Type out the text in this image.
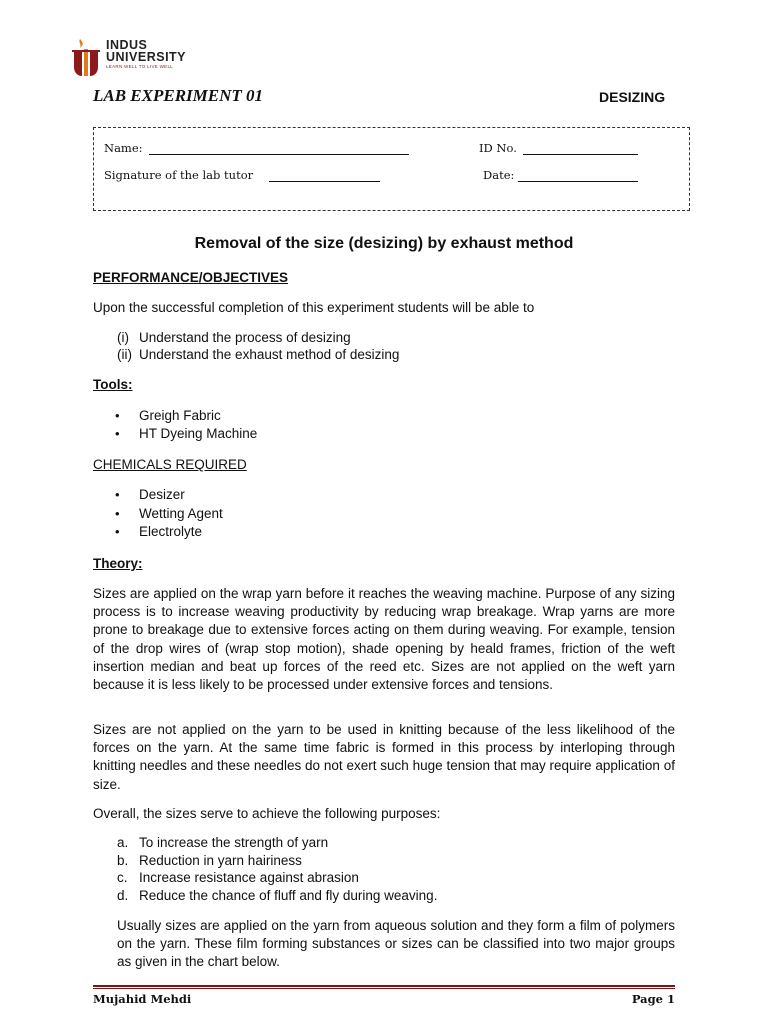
INDUS
UNIVERSITY
LEARN WELL TO LIVE WELL
LAB EXPERIMENT 01	DESIZING
Name:	ID No.
Signature of the lab tutor	Date:
Removal of the size (desizing) by exhaust method
PERFORMANCE/OBJECTIVES
Upon the successful completion of this experiment students will be able to
(i) Understand the process of desizing
(ii) Understand the exhaust method of desizing
Tools:
• Greigh Fabric
• HT Dyeing Machine
CHEMICALS REQUIRED
• Desizer
• Wetting Agent
• Electrolyte
Theory:
Sizes are applied on the wrap yarn before it reaches the weaving machine. Purpose of any sizing process is to increase weaving productivity by reducing wrap breakage. Wrap yarns are more prone to breakage due to extensive forces acting on them during weaving. For example, tension of the drop wires of (wrap stop motion), shade opening by heald frames, friction of the weft insertion median and beat up forces of the reed etc. Sizes are not applied on the weft yarn because it is less likely to be processed under extensive forces and tensions.
Sizes are not applied on the yarn to be used in knitting because of the less likelihood of the forces on the yarn. At the same time fabric is formed in this process by interloping through knitting needles and these needles do not exert such huge tension that may require application of size.
Overall, the sizes serve to achieve the following purposes:
a. To increase the strength of yarn
b. Reduction in yarn hairiness
c. Increase resistance against abrasion
d. Reduce the chance of fluff and fly during weaving.
Usually sizes are applied on the yarn from aqueous solution and they form a film of polymers on the yarn. These film forming substances or sizes can be classified into two major groups as given in the chart below.
Mujahid Mehdi	Page 1
